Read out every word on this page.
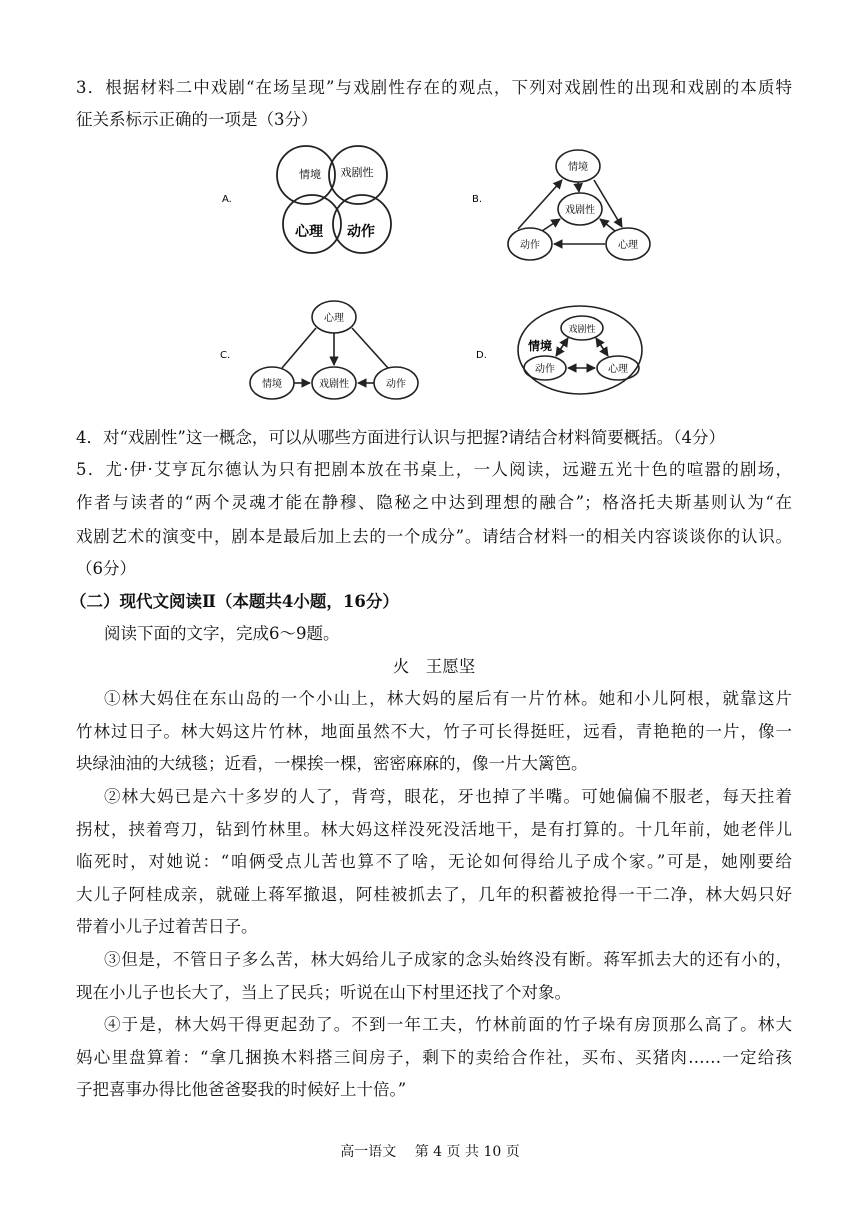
3．根据材料二中戏剧“在场呈现”与戏剧性存在的观点，下列对戏剧性的出现和戏剧的本质特
征关系标示正确的一项是（3分）
A.
情境 戏剧性
心理 动作
B.
情境
戏剧性
动作	心理
C.
心理
情境	戏剧性	动作
D.
情境
戏剧性
动作	心理
4．对“戏剧性”这一概念，可以从哪些方面进行认识与把握?请结合材料简要概括。（4分）
5．尤·伊·艾亨瓦尔德认为只有把剧本放在书桌上，一人阅读，远避五光十色的喧嚣的剧场，
作者与读者的“两个灵魂才能在静穆、隐秘之中达到理想的融合”；格洛托夫斯基则认为“在
戏剧艺术的演变中，剧本是最后加上去的一个成分”。请结合材料一的相关内容谈谈你的认识。
（6分）
（二）现代文阅读Ⅱ（本题共4小题，16分）
阅读下面的文字，完成6～9题。
火　王愿坚
①林大妈住在东山岛的一个小山上，林大妈的屋后有一片竹林。她和小儿阿根，就靠这片
竹林过日子。林大妈这片竹林，地面虽然不大，竹子可长得挺旺，远看，青艳艳的一片，像一
块绿油油的大绒毯；近看，一棵挨一棵，密密麻麻的，像一片大篱笆。
②林大妈已是六十多岁的人了，背弯，眼花，牙也掉了半嘴。可她偏偏不服老，每天拄着
拐杖，挟着弯刀，钻到竹林里。林大妈这样没死没活地干，是有打算的。十几年前，她老伴儿
临死时，对她说：“咱俩受点儿苦也算不了啥，无论如何得给儿子成个家。”可是，她刚要给
大儿子阿桂成亲，就碰上蒋军撤退，阿桂被抓去了，几年的积蓄被抢得一干二净，林大妈只好
带着小儿子过着苦日子。
③但是，不管日子多么苦，林大妈给儿子成家的念头始终没有断。蒋军抓去大的还有小的，
现在小儿子也长大了，当上了民兵；听说在山下村里还找了个对象。
④于是，林大妈干得更起劲了。不到一年工夫，竹林前面的竹子垛有房顶那么高了。林大
妈心里盘算着：“拿几捆换木料搭三间房子，剩下的卖给合作社，买布、买猪肉……一定给孩
子把喜事办得比他爸爸娶我的时候好上十倍。”
高一语文　 第 4 页 共 10 页
